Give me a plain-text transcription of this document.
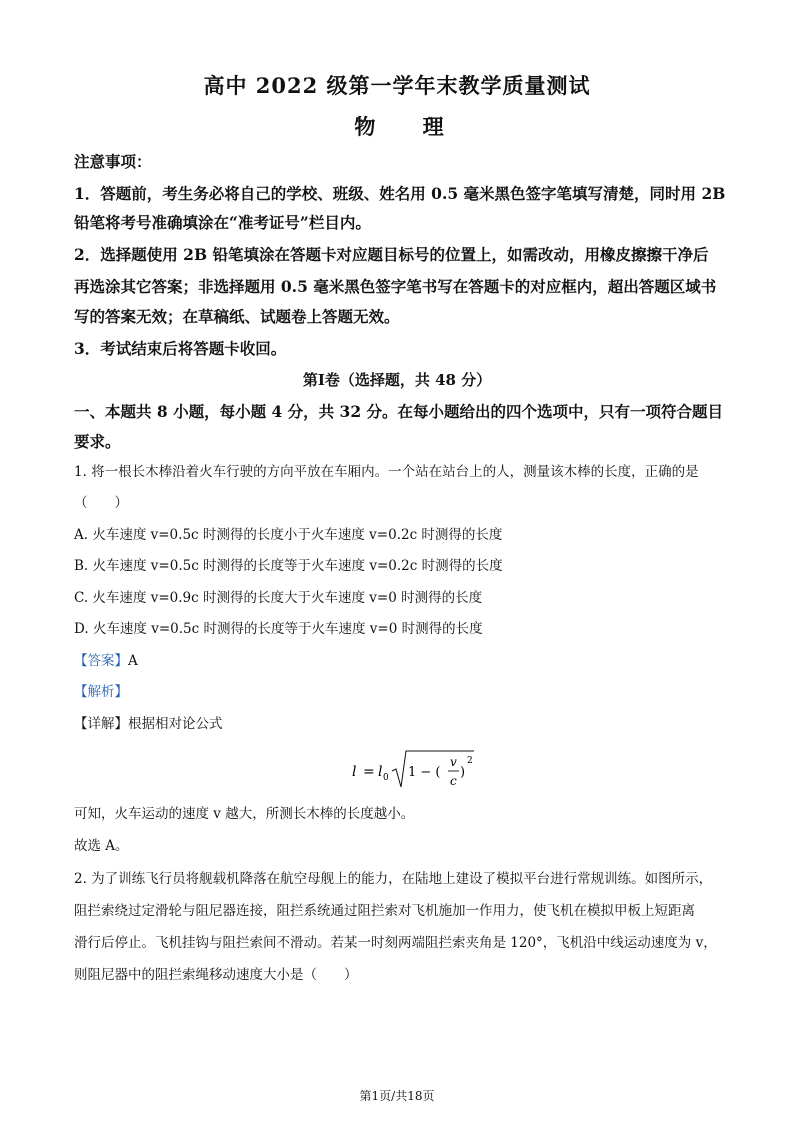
高中 2022 级第一学年末教学质量测试
物 理
注意事项：
1．答题前，考生务必将自己的学校、班级、姓名用 0.5 毫米黑色签字笔填写清楚，同时用 2B
铅笔将考号准确填涂在“准考证号”栏目内。
2．选择题使用 2B 铅笔填涂在答题卡对应题目标号的位置上，如需改动，用橡皮擦擦干净后
再选涂其它答案；非选择题用 0.5 毫米黑色签字笔书写在答题卡的对应框内，超出答题区域书
写的答案无效；在草稿纸、试题卷上答题无效。
3．考试结束后将答题卡收回。
第Ⅰ卷（选择题，共 48 分）
一、本题共 8 小题，每小题 4 分，共 32 分。在每小题给出的四个选项中，只有一项符合题目
要求。
1. 将一根长木棒沿着火车行驶的方向平放在车厢内。一个站在站台上的人，测量该木棒的长度，正确的是
（　　）
A. 火车速度 v=0.5c 时测得的长度小于火车速度 v=0.2c 时测得的长度
B. 火车速度 v=0.5c 时测得的长度等于火车速度 v=0.2c 时测得的长度
C. 火车速度 v=0.9c 时测得的长度大于火车速度 v=0 时测得的长度
D. 火车速度 v=0.5c 时测得的长度等于火车速度 v=0 时测得的长度
【答案】A
【解析】
【详解】根据相对论公式
l = l 0 1 − (
v
c
)
2
可知，火车运动的速度 v 越大，所测长木棒的长度越小。
故选 A。
2. 为了训练飞行员将舰载机降落在航空母舰上的能力，在陆地上建设了模拟平台进行常规训练。如图所示，
阻拦索绕过定滑轮与阻尼器连接，阻拦系统通过阻拦索对飞机施加一作用力，使飞机在模拟甲板上短距离
滑行后停止。飞机挂钩与阻拦索间不滑动。若某一时刻两端阻拦索夹角是 120°，飞机沿中线运动速度为 v，
则阻尼器中的阻拦索绳移动速度大小是（　　）
第1页/共18页
